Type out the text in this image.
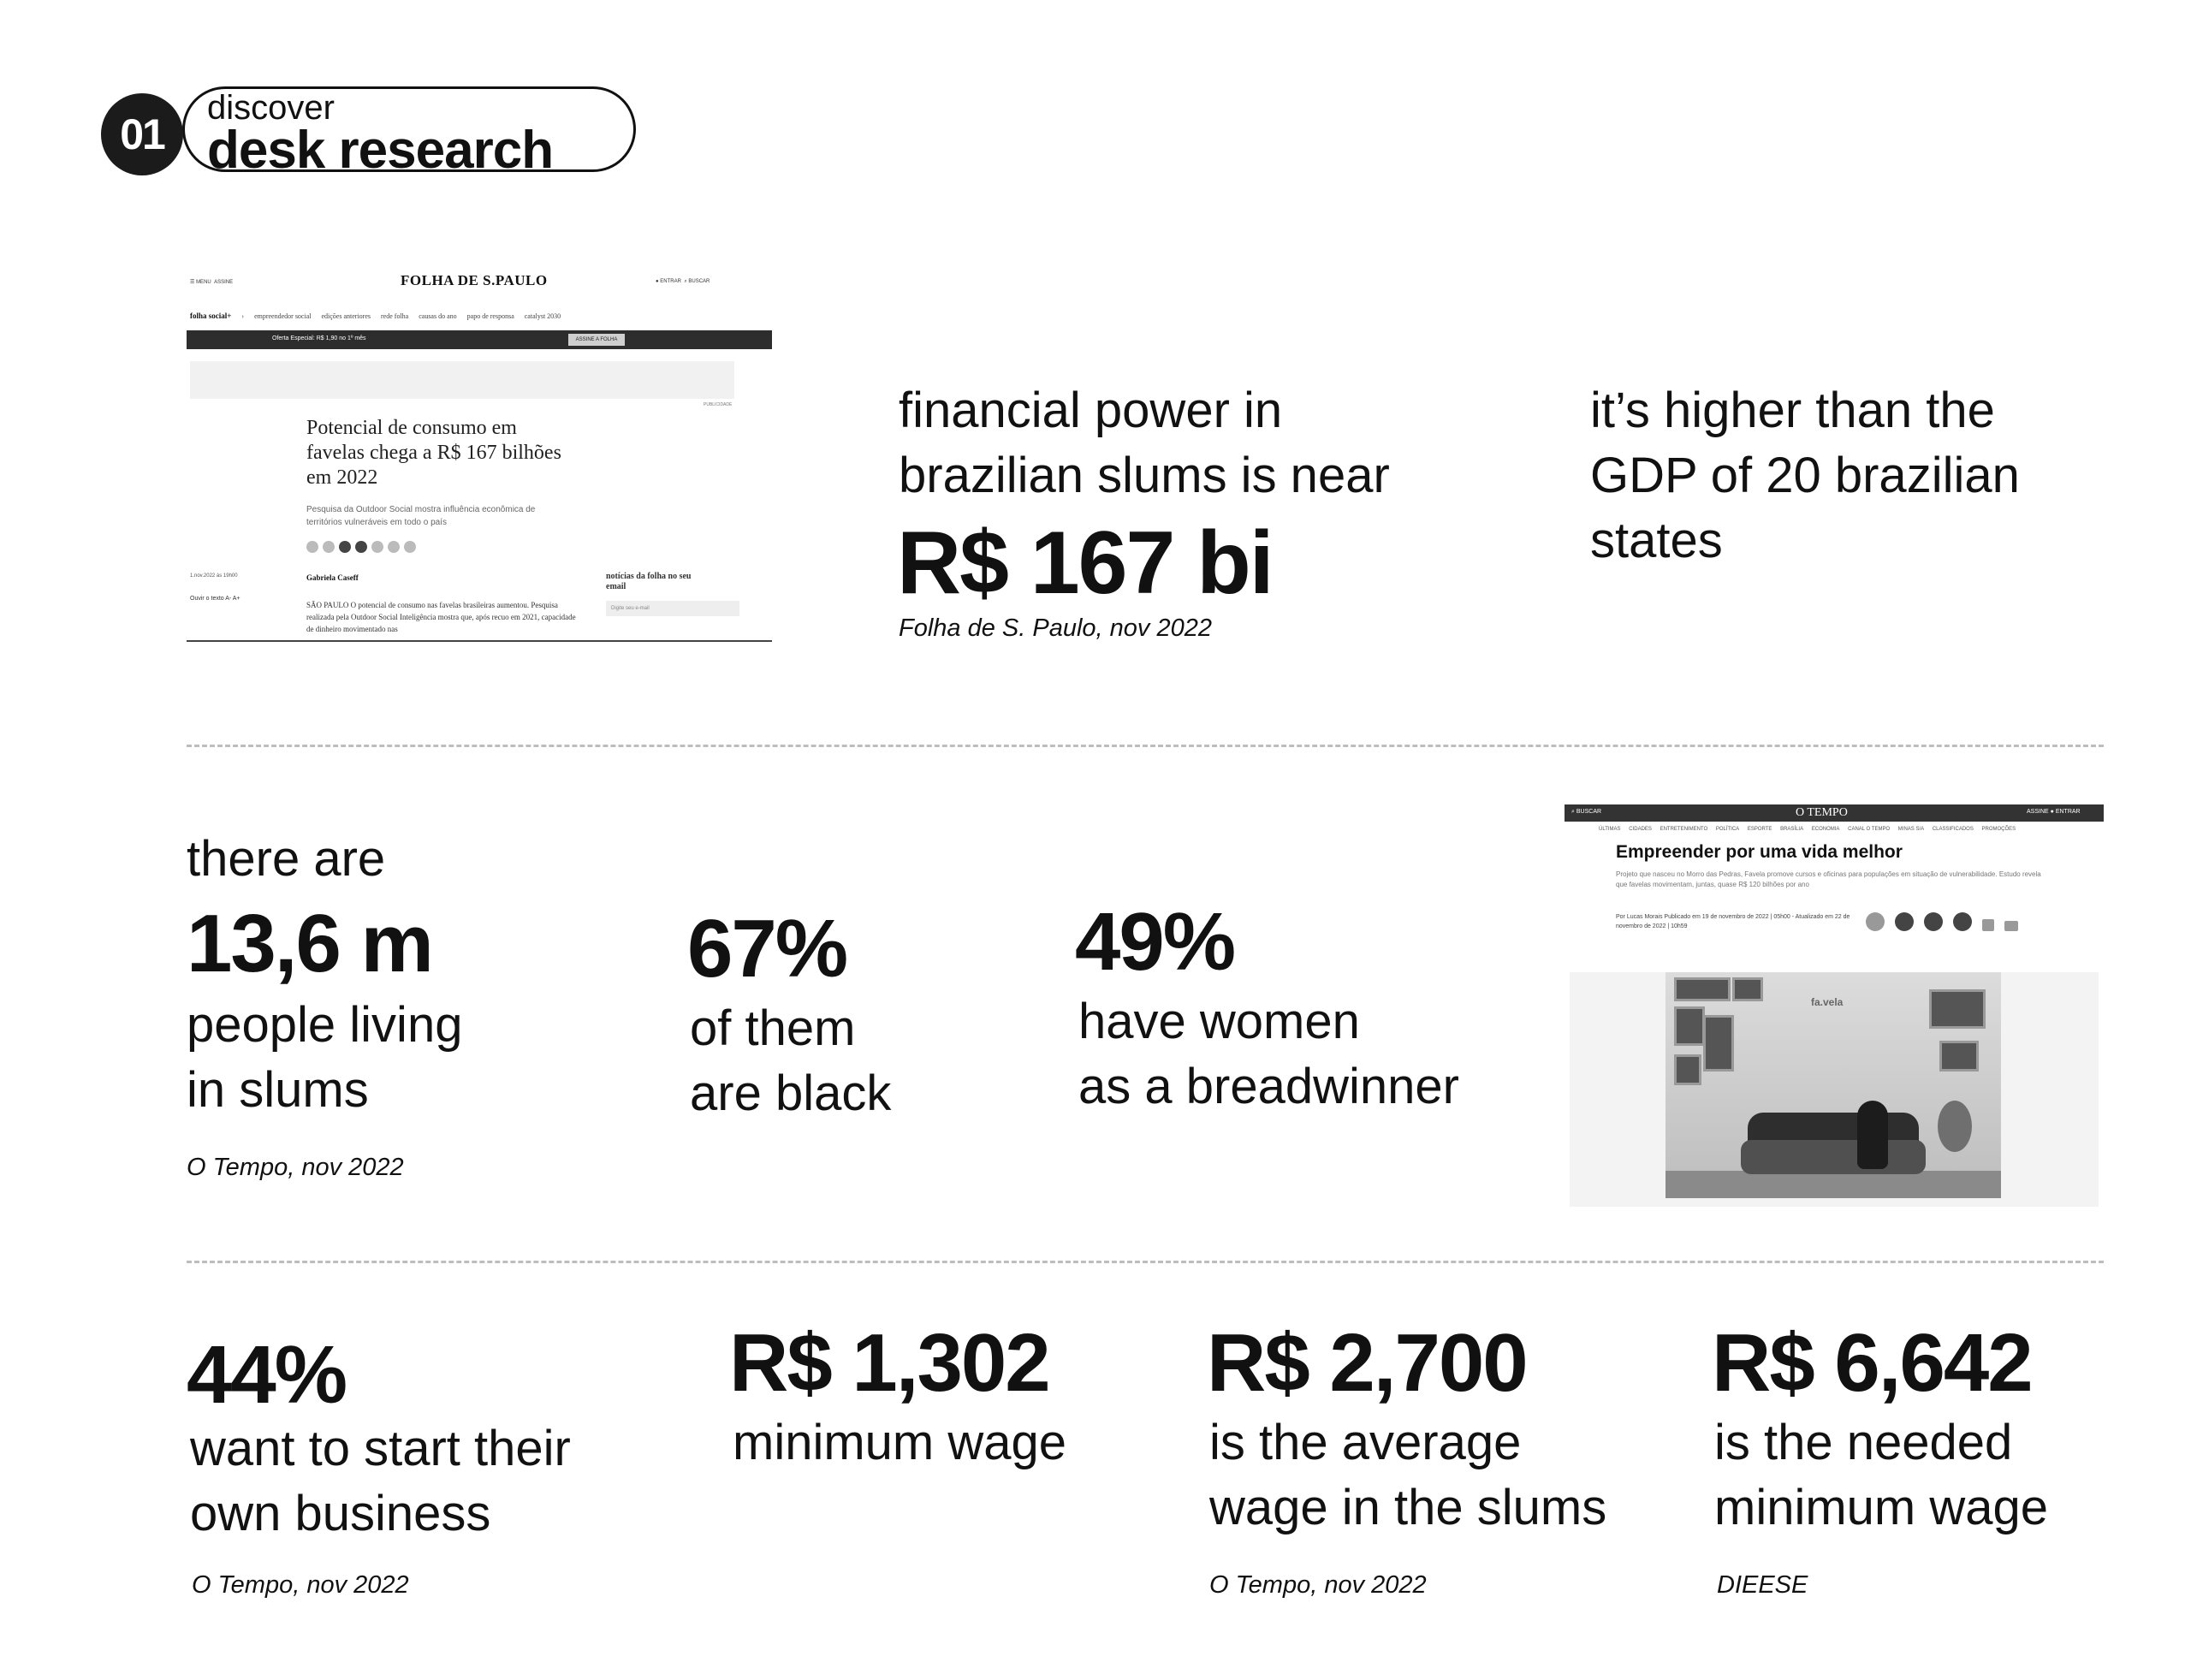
01
discover
desk research
☰ MENU ASSINE	FOLHA DE S.PAULO	● ENTRAR ⌕ BUSCAR
folha social+ › empreendedor social edições anteriores rede folha causas do ano papo de responsa catalyst 2030
Oferta Especial: R$ 1,90 no 1º mês	ASSINE A FOLHA
PUBLICIDADE
Potencial de consumo em favelas chega a R$ 167 bilhões em 2022
Pesquisa da Outdoor Social mostra influência econômica de territórios vulneráveis em todo o país
1.nov.2022 às 19h00	Gabriela Caseff	notícias da folha no seu email
Digite seu e-mail
Ouvir o texto A- A+
SÃO PAULO O potencial de consumo nas favelas brasileiras aumentou. Pesquisa realizada pela Outdoor Social Inteligência mostra que, após recuo em 2021, capacidade de dinheiro movimentado nas
financial power in
brazilian slums is near
R$ 167 bi
Folha de S. Paulo, nov 2022
it’s higher than the
GDP of 20 brazilian
states
there are
13,6 m
people living
in slums
O Tempo, nov 2022
67%
of them
are black
49%
have women
as a breadwinner
⌕ BUSCAR	O TEMPO	ASSINE ● ENTRAR
ÚLTIMAS CIDADES ENTRETENIMENTO POLÍTICA ESPORTE BRASÍLIA ECONOMIA CANAL O TEMPO MINAS S/A CLASSIFICADOS PROMOÇÕES
Empreender por uma vida melhor
Projeto que nasceu no Morro das Pedras, Favela promove cursos e oficinas para populações em situação de vulnerabilidade. Estudo revela que favelas movimentam, juntas, quase R$ 120 bilhões por ano
Por Lucas Morais Publicado em 19 de novembro de 2022 | 05h00 - Atualizado em 22 de novembro de 2022 | 10h59
fa.vela
44%
want to start their
own business
O Tempo, nov 2022
R$ 1,302
minimum wage
R$ 2,700
is the average
wage in the slums
O Tempo, nov 2022
R$ 6,642
is the needed
minimum wage
DIEESE
